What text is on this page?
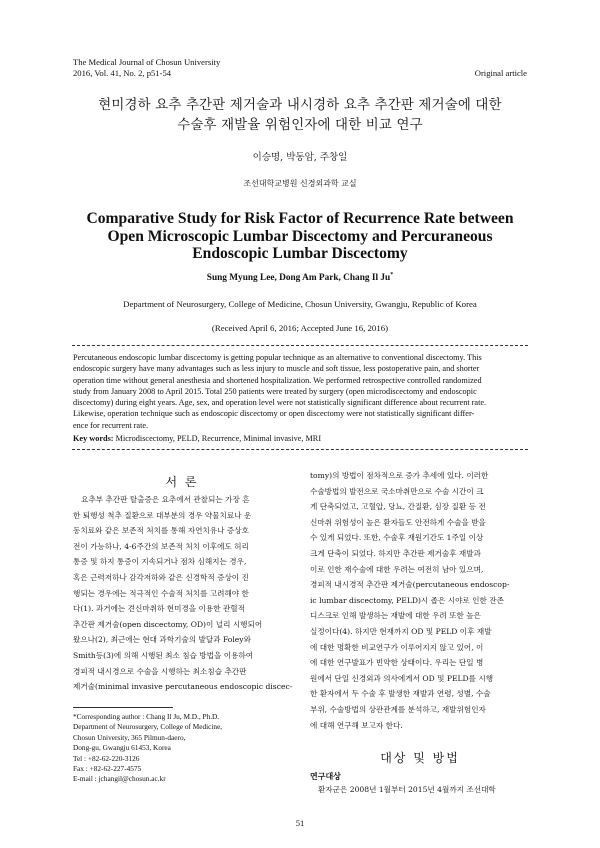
The Medical Journal of Chosun University
2016, Vol. 41, No. 2, p51-54	Original article
현미경하 요추 추간판 제거술과 내시경하 요추 추간판 제거술에 대한
수술후 재발율 위험인자에 대한 비교 연구
이승명, 박동암, 주창일
조선대학교병원 신경외과학 교실
Comparative Study for Risk Factor of Recurrence Rate between
Open Microscopic Lumbar Discectomy and Percuraneous
Endoscopic Lumbar Discectomy
Sung Myung Lee, Dong Am Park, Chang Il Ju*
Department of Neurosurgery, College of Medicine, Chosun University, Gwangju, Republic of Korea
(Received April 6, 2016; Accepted June 16, 2016)
Percutaneous endoscopic lumbar discectomy is getting popular technique as an alternative to conventional discectomy. This
endoscopic surgery have many advantages such as less injury to muscle and soft tissue, less postoperative pain, and shorter
operation time without general anesthesia and shortened hospitalization. We performed retrospective controlled randomized
study from January 2008 to April 2015. Total 250 patients were treated by surgery (open microdiscectomy and endoscopic
discectomy) during eight years. Age, sex, and operation level were not statistically significant difference about recurrent rate.
Likewise, operation technique such as endoscopic discectomy or open discectomy were not statistically significant differ-
ence for recurrent rate.
Key words: Microdiscectomy, PELD, Recurrence, Minimal invasive, MRI
서 론

요추부 추간판 탈출증은 요추에서 관찰되는 가장 흔

한 퇴행성 척추 질환으로 대부분의 경우 약물치료나 운

동치료와 같은 보존적 처치를 통해 자연치유나 증상호

전이 가능하나, 4-6주간의 보존적 처치 이후에도 허리

통증 및 하지 통증이 지속되거나 점차 심해지는 경우,

혹은 근력저하나 감각저하와 같은 신경학적 증상이 진

행되는 경우에는 적극적인 수술적 처치를 고려해야 한

다(1). 과거에는 견신마취하 현미경을 이용한 관혈적

추간판 제거술(open discectomy, OD)이 널리 시행되어

왔으나(2), 최근에는 현대 과학기술의 발달과 Foley와

Smith등(3)에 의해 시행된 최소 침습 방법을 이용하여

경피적 내시경으로 수술을 시행하는 최소침습 추간판

제거술(minimal invasive percutaneous endoscopic discec-

*Corresponding author : Chang Il Ju, M.D., Ph.D.
Department of Neurosurgery, College of Medicine,
Chosun University, 365 Pilmun-daero,
Dong-gu, Gwangju 61453, Korea
Tel : +82-62-220-3126
Fax : +82-62-227-4575
E-mail : jchangil@chosun.ac.kr

tomy)의 방법이 점차적으로 증가 추세에 있다. 이러한

수술방법의 발전으로 국소마취만으로 수술 시간이 크

게 단축되었고, 고혈압, 당뇨, 간질환, 심장 질환 등 전

신마취 위험성이 높은 환자들도 안전하게 수술을 받을

수 있게 되었다. 또한, 수술후 재원기간도 1주일 이상

크게 단축이 되었다. 하지만 추간판 제거술후 재발과

이로 인한 재수술에 대한 우려는 여전히 남아 있으며,

경피적 내시경적 추간판 제거술(percutaneous endoscop-

ic lumbar discectomy, PELD)시 좁은 시야로 인한 잔존

디스크로 인해 발생하는 재발에 대한 우려 또한 높은

실정이다(4). 하지만 현재까지 OD 및 PELD 이후 재발

에 대한 명확한 비교연구가 이루어지지 않고 있어, 이

에 대한 연구발표가 빈약한 상태이다. 우리는 단일 병

원에서 단일 신경외과 의사에게서 OD 및 PELD를 시행

한 환자에서 두 수술 후 발생한 재발과 연령, 성별, 수술

부위, 수술방법의 상관관계를 분석하고, 재발위험인자

에 대해 연구해 보고자 한다.

대상 및 방법
연구대상
환자군은 2008년 1월부터 2015년 4월까지 조선대학
51
